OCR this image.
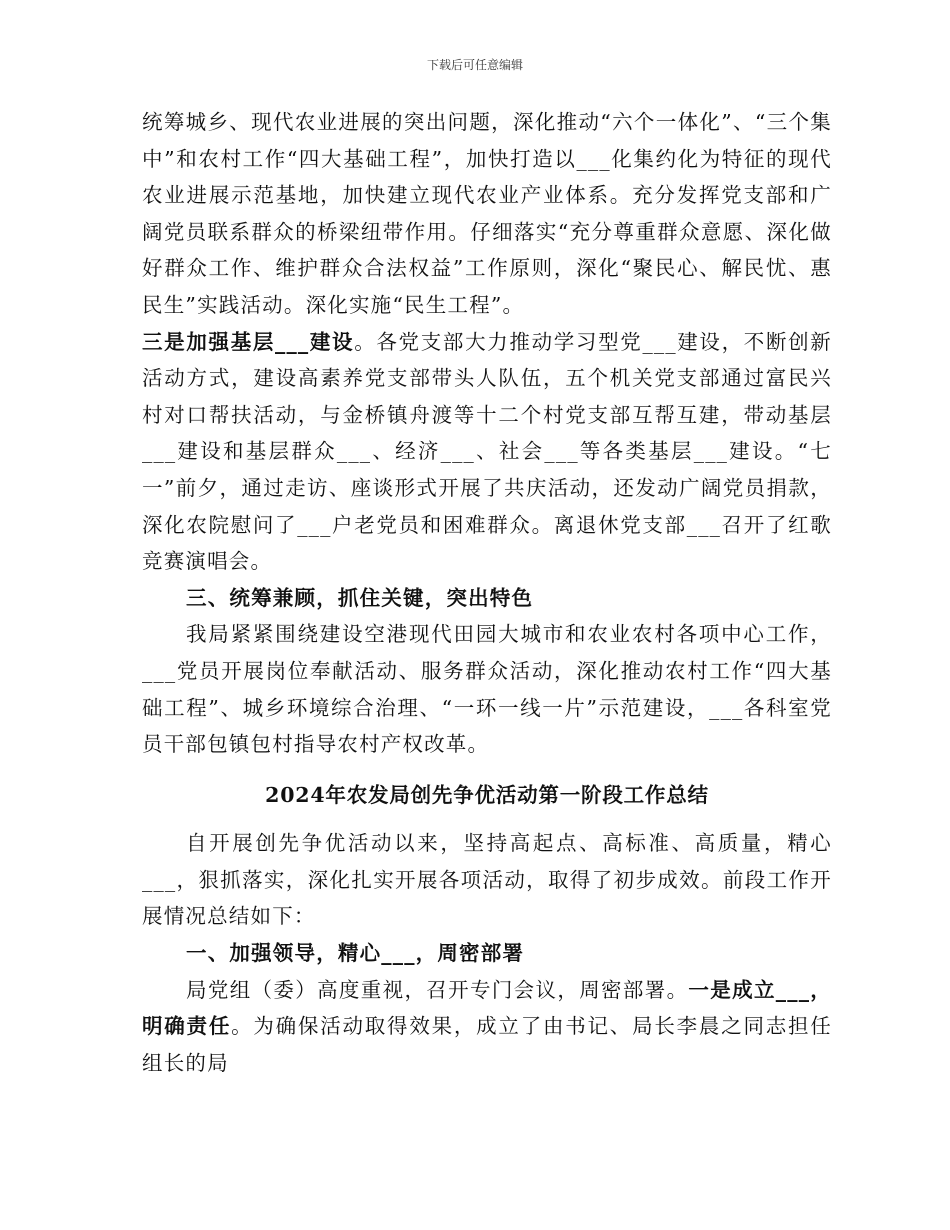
下载后可任意编辑

统筹城乡、现代农业进展的突出问题，深化推动“六个一体化”、“三个集中”和农村工作“四大基础工程”，加快打造以___化集约化为特征的现代农业进展示范基地，加快建立现代农业产业体系。充分发挥党支部和广阔党员联系群众的桥梁纽带作用。仔细落实“充分尊重群众意愿、深化做好群众工作、维护群众合法权益”工作原则，深化“聚民心、解民忧、惠民生”实践活动。深化实施“民生工程”。

三是加强基层___建设。各党支部大力推动学习型党___建设，不断创新活动方式，建设高素养党支部带头人队伍，五个机关党支部通过富民兴村对口帮扶活动，与金桥镇舟渡等十二个村党支部互帮互建，带动基层___建设和基层群众___、经济___、社会___等各类基层___建设。“七一”前夕，通过走访、座谈形式开展了共庆活动，还发动广阔党员捐款，深化农院慰问了___户老党员和困难群众。离退休党支部___召开了红歌竞赛演唱会。

三、统筹兼顾，抓住关键，突出特色

我局紧紧围绕建设空港现代田园大城市和农业农村各项中心工作，___党员开展岗位奉献活动、服务群众活动，深化推动农村工作“四大基础工程”、城乡环境综合治理、“一环一线一片”示范建设，___各科室党员干部包镇包村指导农村产权改革。

2024年农发局创先争优活动第一阶段工作总结

自开展创先争优活动以来，坚持高起点、高标准、高质量，精心___，狠抓落实，深化扎实开展各项活动，取得了初步成效。前段工作开展情况总结如下：

一、加强领导，精心___，周密部署

局党组（委）高度重视，召开专门会议，周密部署。一是成立___，明确责任。为确保活动取得效果，成立了由书记、局长李晨之同志担任组长的局
